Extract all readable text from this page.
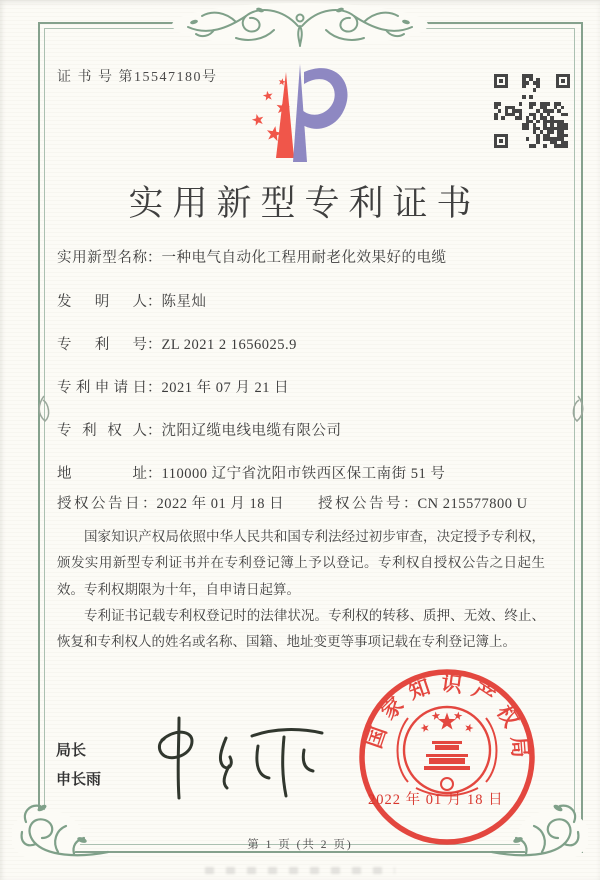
证 书 号 第15547180号
实用新型专利证书
实用新型名称：一种电气自动化工程用耐老化效果好的电缆
发明人：陈星灿
专利号：ZL 2021 2 1656025.9
专利申请日：2021 年 07 月 21 日
专利权人：沈阳辽缆电线电缆有限公司
地址：110000 辽宁省沈阳市铁西区保工南街 51 号
授权公告日：2022 年 01 月 18 日 授权公告号：CN 215577800 U

国家知识产权局依照中华人民共和国专利法经过初步审查，决定授予专利权，颁发实用新型专利证书并在专利登记簿上予以登记。专利权自授权公告之日起生效。专利权期限为十年，自申请日起算。

专利证书记载专利权登记时的法律状况。专利权的转移、质押、无效、终止、恢复和专利权人的姓名或名称、国籍、地址变更等事项记载在专利登记簿上。

局长
申长雨
国家知识产权局
2022 年 01 月 18 日
第 1 页 (共 2 页)
